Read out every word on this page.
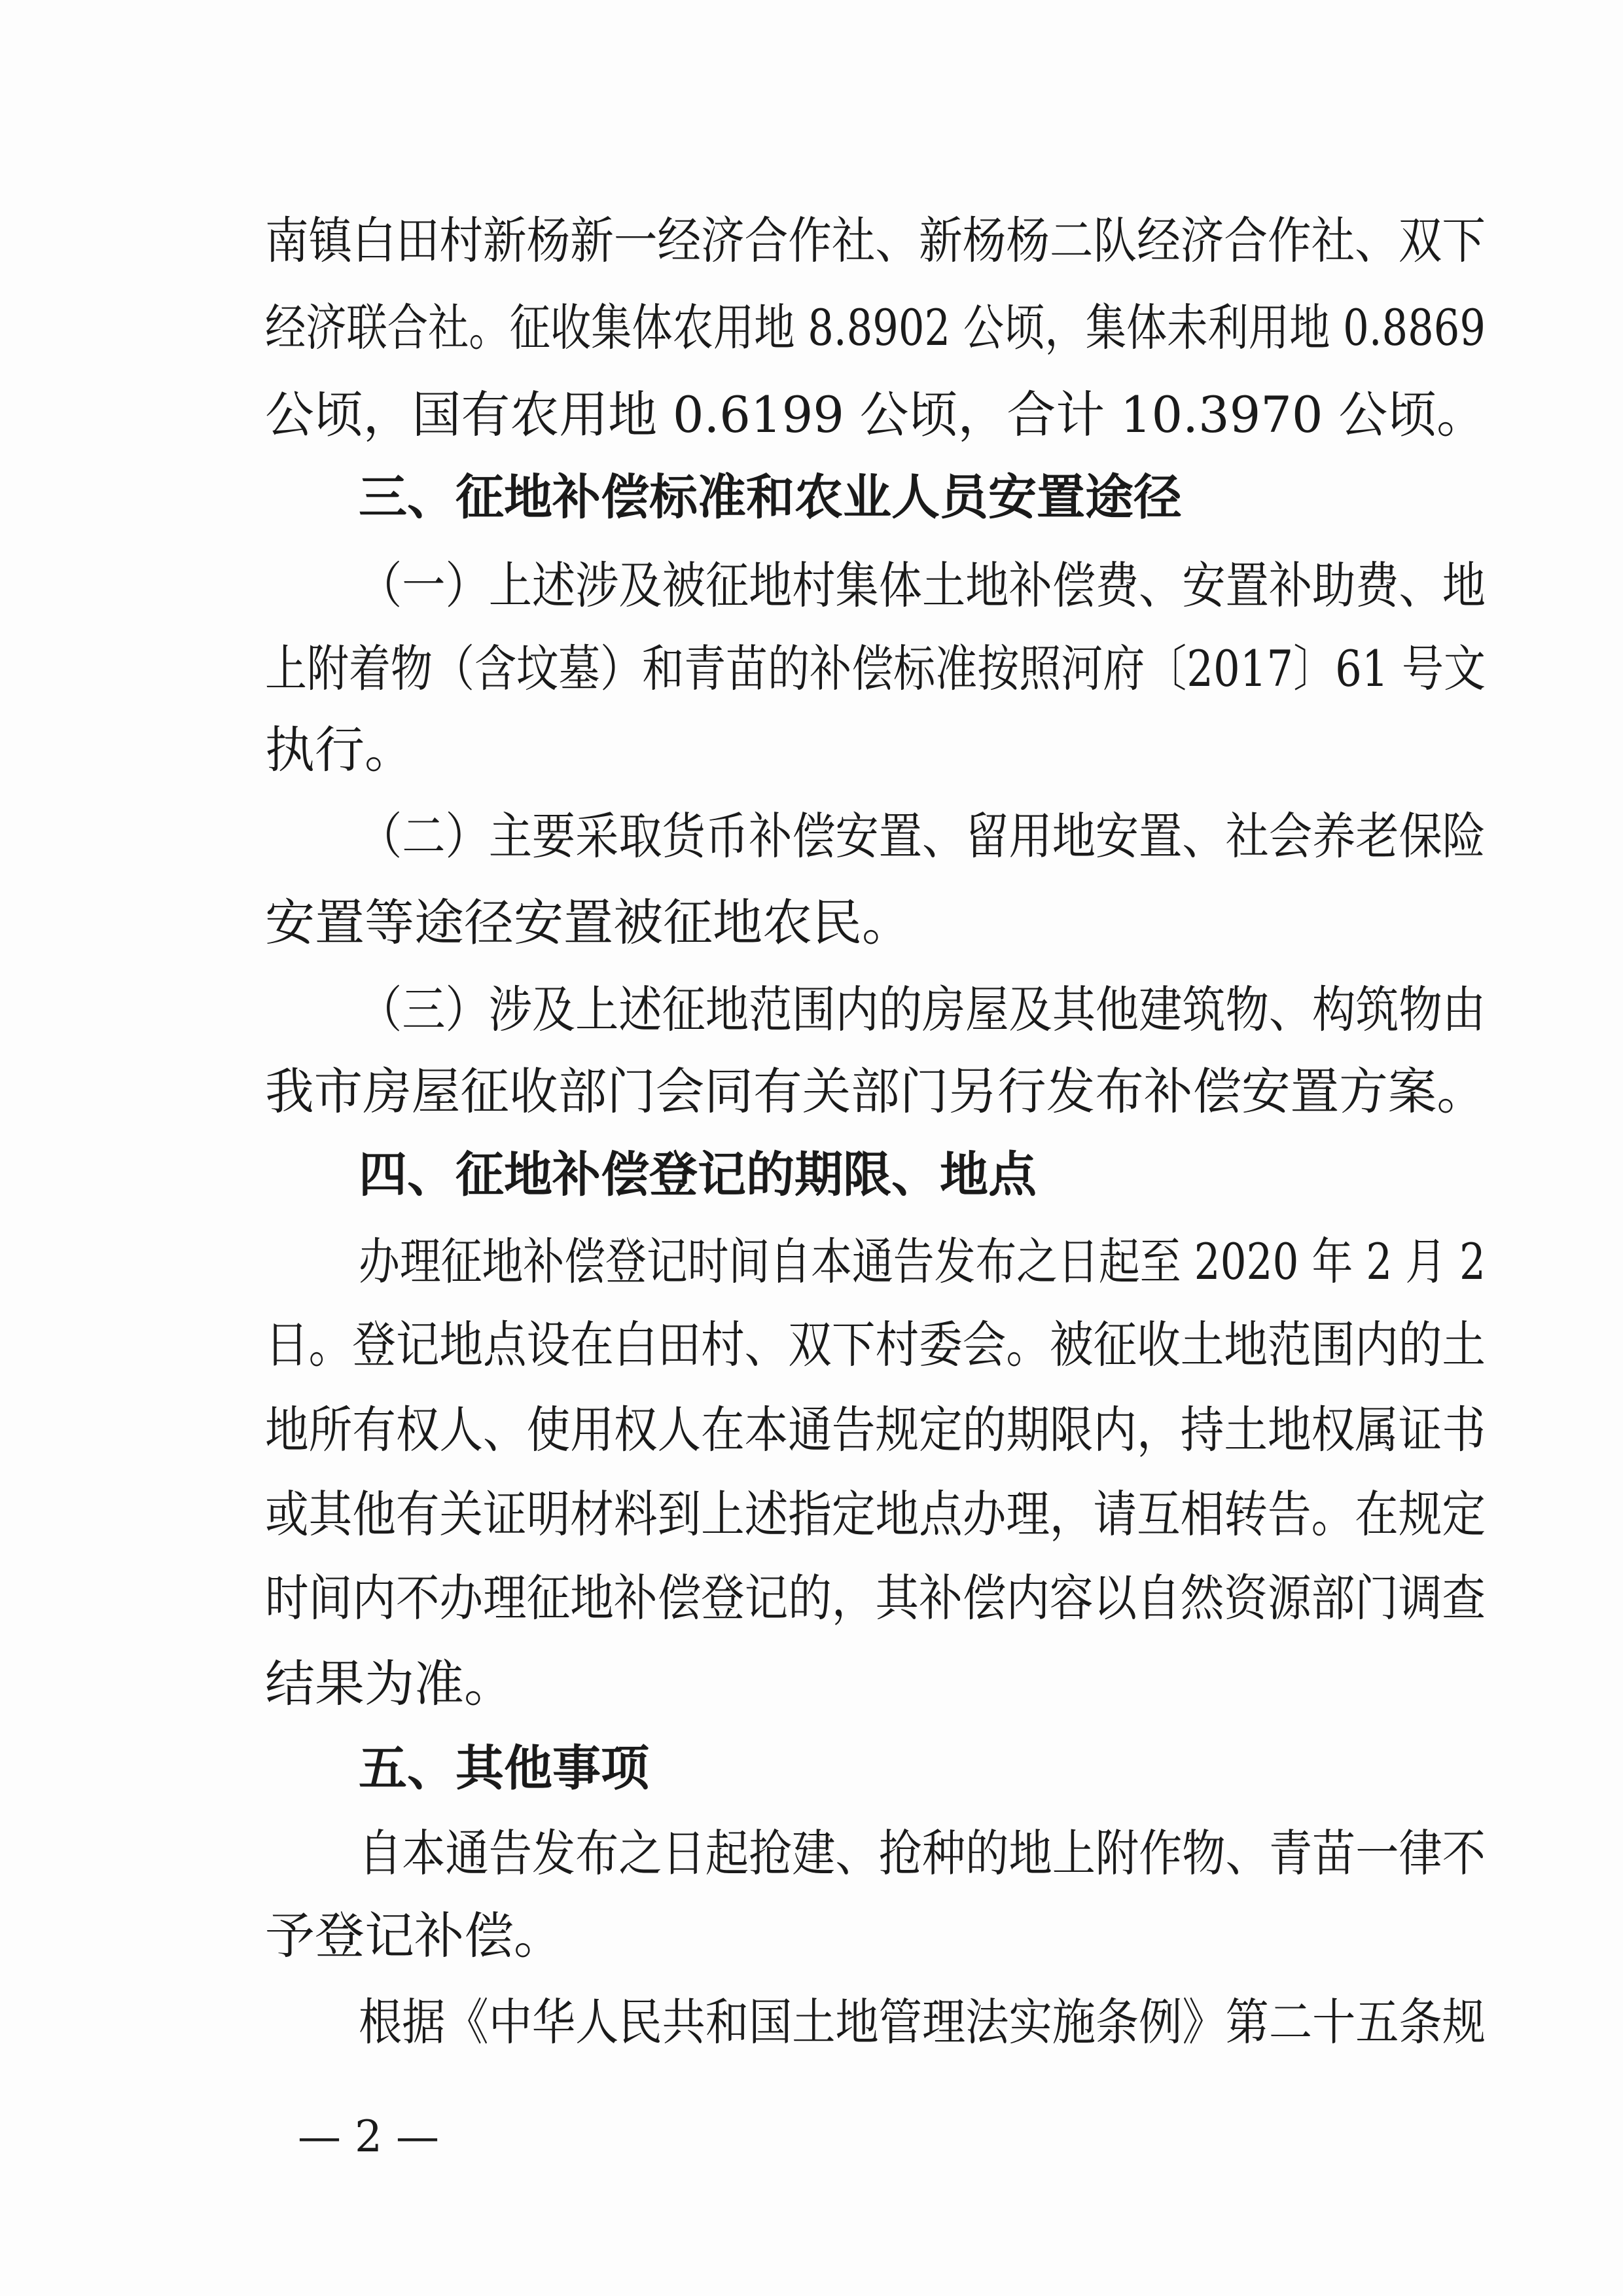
南镇白田村新杨新一经济合作社、新杨杨二队经济合作社、双下
经济联合社。征收集体农用地 8.8902 公顷，集体未利用地 0.8869
公顷，国有农用地 0.6199 公顷，合计 10.3970 公顷。
三、征地补偿标准和农业人员安置途径
（一）上述涉及被征地村集体土地补偿费、安置补助费、地
上附着物（含坟墓）和青苗的补偿标准按照河府〔2017〕61 号文
执行。
（二）主要采取货币补偿安置、留用地安置、社会养老保险
安置等途径安置被征地农民。
（三）涉及上述征地范围内的房屋及其他建筑物、构筑物由
我市房屋征收部门会同有关部门另行发布补偿安置方案。
四、征地补偿登记的期限、地点
办理征地补偿登记时间自本通告发布之日起至 2020 年 2 月 2
日。登记地点设在白田村、双下村委会。被征收土地范围内的土
地所有权人、使用权人在本通告规定的期限内，持土地权属证书
或其他有关证明材料到上述指定地点办理，请互相转告。在规定
时间内不办理征地补偿登记的，其补偿内容以自然资源部门调查
结果为准。
五、其他事项
自本通告发布之日起抢建、抢种的地上附作物、青苗一律不
予登记补偿。
根据《中华人民共和国土地管理法实施条例》第二十五条规
— 2 —
